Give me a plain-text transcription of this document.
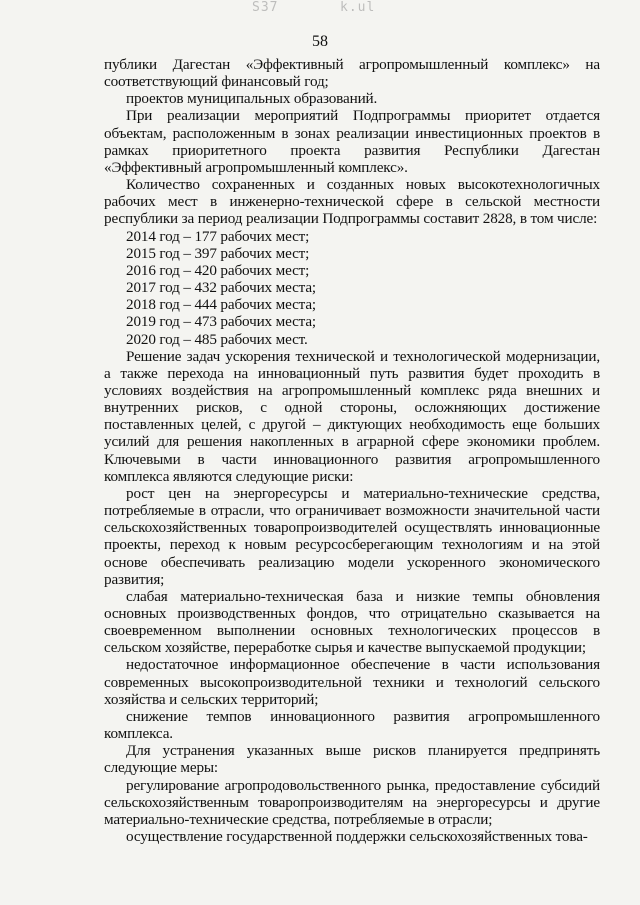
S37	k.ul
58

публики Дагестан «Эффективный агропромышленный комплекс» на соответствующий финансовый год;

проектов муниципальных образований.

При реализации мероприятий Подпрограммы приоритет отдается объектам, расположенным в зонах реализации инвестиционных проектов в рамках приоритетного проекта развития Республики Дагестан «Эффективный агропромышленный комплекс».

Количество сохраненных и созданных новых высокотехнологичных рабочих мест в инженерно-технической сфере в сельской местности республики за период реализации Подпрограммы составит 2828, в том числе:

2014 год – 177 рабочих мест;

2015 год – 397 рабочих мест;

2016 год – 420 рабочих мест;

2017 год – 432 рабочих места;

2018 год – 444 рабочих места;

2019 год – 473 рабочих места;

2020 год – 485 рабочих мест.

Решение задач ускорения технической и технологической модернизации, а также перехода на инновационный путь развития будет проходить в условиях воздействия на агропромышленный комплекс ряда внешних и внутренних рисков, с одной стороны, осложняющих достижение поставленных целей, с другой – диктующих необходимость еще больших усилий для решения накопленных в аграрной сфере экономики проблем. Ключевыми в части инновационного развития агропромышленного комплекса являются следующие риски:

рост цен на энергоресурсы и материально-технические средства, потребляемые в отрасли, что ограничивает возможности значительной части сельскохозяйственных товаропроизводителей осуществлять инновационные проекты, переход к новым ресурсосберегающим технологиям и на этой основе обеспечивать реализацию модели ускоренного экономического развития;

слабая материально-техническая база и низкие темпы обновления основных производственных фондов, что отрицательно сказывается на своевременном выполнении основных технологических процессов в сельском хозяйстве, переработке сырья и качестве выпускаемой продукции;

недостаточное информационное обеспечение в части использования современных высокопроизводительной техники и технологий сельского хозяйства и сельских территорий;

снижение темпов инновационного развития агропромышленного комплекса.

Для устранения указанных выше рисков планируется предпринять следующие меры:

регулирование агропродовольственного рынка, предоставление субсидий сельскохозяйственным товаропроизводителям на энергоресурсы и другие материально-технические средства, потребляемые в отрасли;

осуществление государственной поддержки сельскохозяйственных това-
